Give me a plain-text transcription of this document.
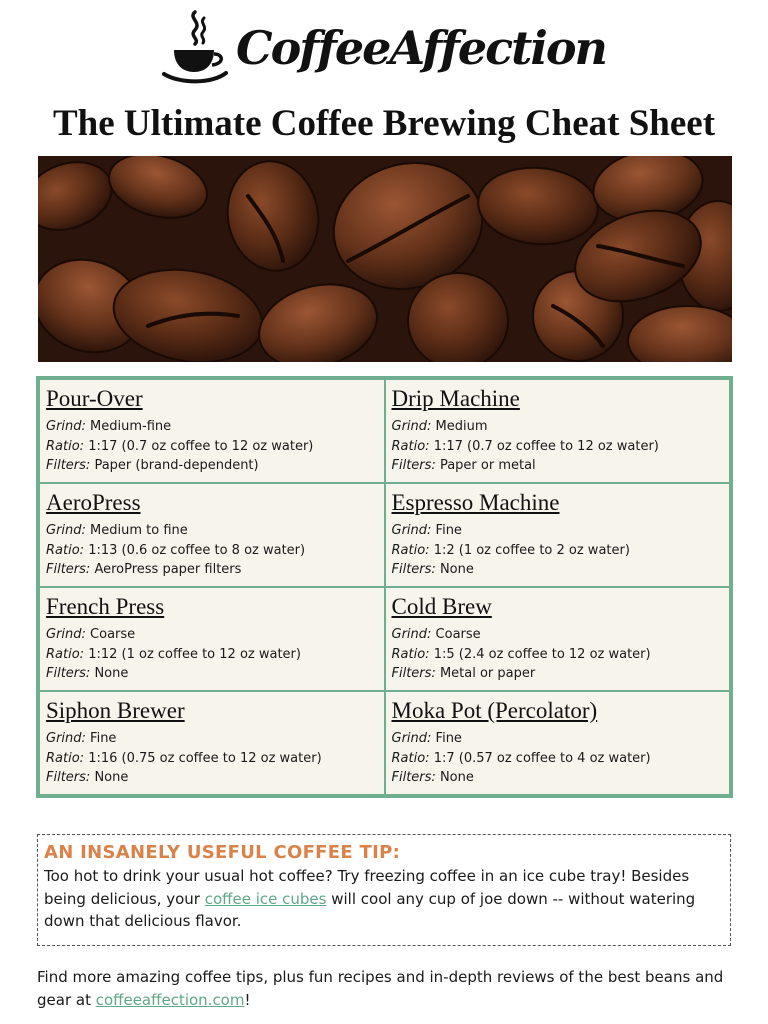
CoffeeAffection
The Ultimate Coffee Brewing Cheat Sheet
Pour-Over
Grind: Medium-fine
Ratio: 1:17 (0.7 oz coffee to 12 oz water)
Filters: Paper (brand-dependent)
Drip Machine
Grind: Medium
Ratio: 1:17 (0.7 oz coffee to 12 oz water)
Filters: Paper or metal
AeroPress
Grind: Medium to fine
Ratio: 1:13 (0.6 oz coffee to 8 oz water)
Filters: AeroPress paper filters
Espresso Machine
Grind: Fine
Ratio: 1:2 (1 oz coffee to 2 oz water)
Filters: None
French Press
Grind: Coarse
Ratio: 1:12 (1 oz coffee to 12 oz water)
Filters: None
Cold Brew
Grind: Coarse
Ratio: 1:5 (2.4 oz coffee to 12 oz water)
Filters: Metal or paper
Siphon Brewer
Grind: Fine
Ratio: 1:16 (0.75 oz coffee to 12 oz water)
Filters: None
Moka Pot (Percolator)
Grind: Fine
Ratio: 1:7 (0.57 oz coffee to 4 oz water)
Filters: None
AN INSANELY USEFUL COFFEE TIP:
Too hot to drink your usual hot coffee? Try freezing coffee in an ice cube tray! Besides being delicious, your coffee ice cubes will cool any cup of joe down -- without watering down that delicious flavor.
Find more amazing coffee tips, plus fun recipes and in-depth reviews of the best beans and gear at coffeeaffection.com!
